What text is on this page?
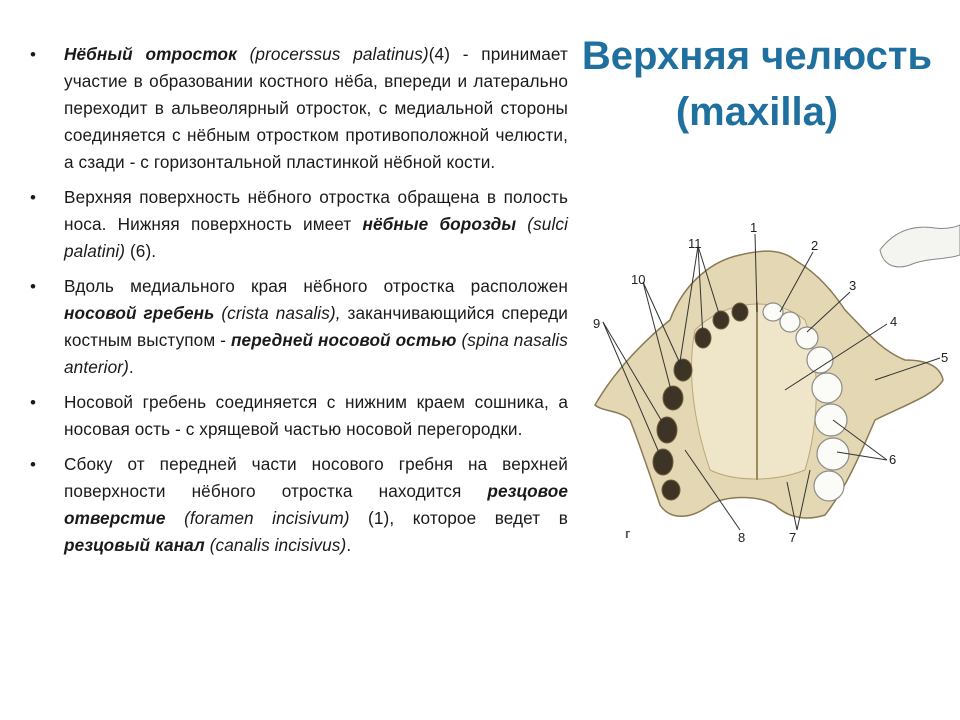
Верхняя челюсть
(maxilla)
• Нёбный отросток (procerssus palatinus)(4) - принимает участие в образовании костного нёба, впереди и латерально переходит в альвеолярный отросток, с медиальной стороны соединяется с нёбным отростком противоположной челюсти, а сзади - с горизонтальной пластинкой нёбной кости.
• Верхняя поверхность нёбного отростка обращена в полость носа. Нижняя поверхность имеет нёбные борозды (sulci palatini) (6).
• Вдоль медиального края нёбного отростка расположен носовой гребень (crista nasalis), заканчивающийся спереди костным выступом - передней носовой остью (spina nasalis anterior).
• Носовой гребень соединяется с нижним краем сошника, а носовая ость - с хрящевой частью носовой перегородки.
• Сбоку от передней части носового гребня на верхней поверхности нёбного отростка находится резцовое отверстие (foramen incisivum) (1), которое ведет в резцовый канал (canalis incisivus).
1
2
3
4
5
6
7
8
9
10
11
г
